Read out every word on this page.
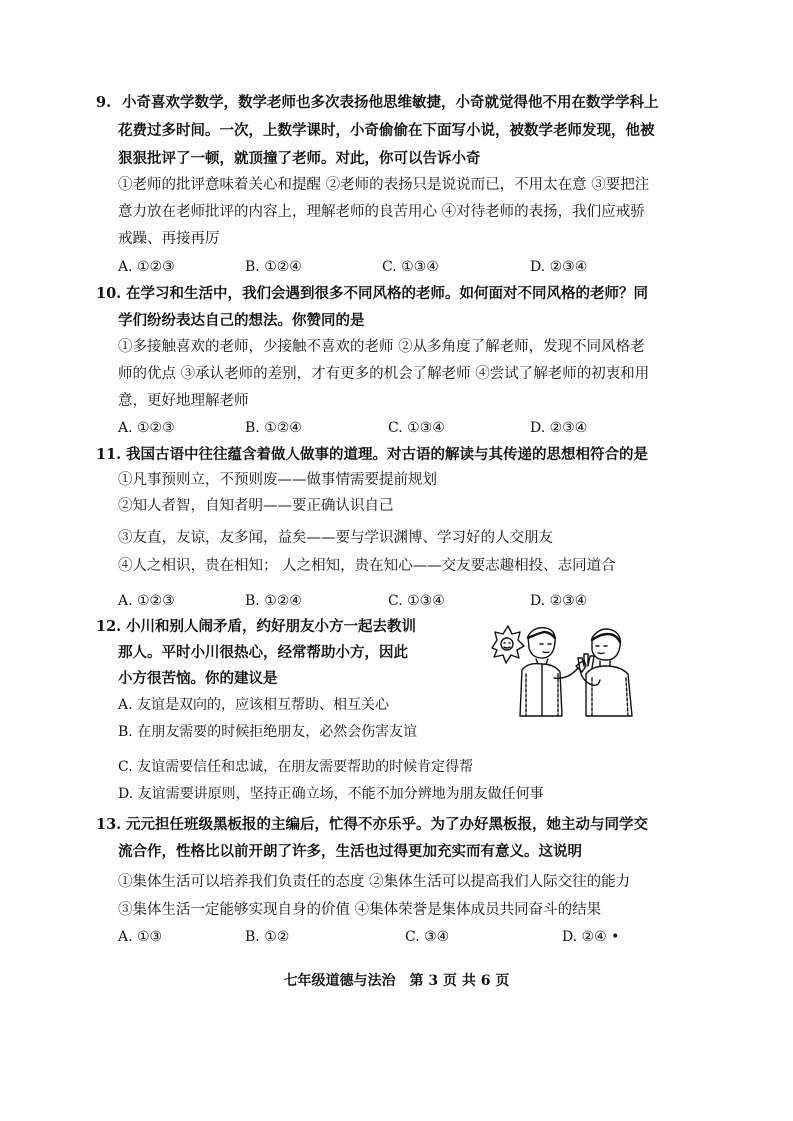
9. 小奇喜欢学数学，数学老师也多次表扬他思维敏捷，小奇就觉得他不用在数学学科上
花费过多时间。一次，上数学课时，小奇偷偷在下面写小说，被数学老师发现，他被
狠狠批评了一顿，就顶撞了老师。对此，你可以告诉小奇
①老师的批评意味着关心和提醒 ②老师的表扬只是说说而已，不用太在意 ③要把注
意力放在老师批评的内容上，理解老师的良苦用心 ④对待老师的表扬，我们应戒骄
戒躁、再接再厉
A. ①②③	B. ①②④	C. ①③④	D. ②③④
10. 在学习和生活中，我们会遇到很多不同风格的老师。如何面对不同风格的老师？同
学们纷纷表达自己的想法。你赞同的是
①多接触喜欢的老师，少接触不喜欢的老师 ②从多角度了解老师，发现不同风格老
师的优点 ③承认老师的差别，才有更多的机会了解老师 ④尝试了解老师的初衷和用
意，更好地理解老师
A. ①②③	B. ①②④	C. ①③④	D. ②③④
11. 我国古语中往往蕴含着做人做事的道理。对古语的解读与其传递的思想相符合的是
①凡事预则立，不预则废——做事情需要提前规划
②知人者智，自知者明——要正确认识自己
③友直，友谅，友多闻，益矣——要与学识渊博、学习好的人交朋友
④人之相识，贵在相知； 人之相知，贵在知心——交友要志趣相投、志同道合
A. ①②③	B. ①②④	C. ①③④	D. ②③④
12. 小川和别人闹矛盾，约好朋友小方一起去教训
那人。平时小川很热心，经常帮助小方，因此
小方很苦恼。你的建议是
A. 友谊是双向的，应该相互帮助、相互关心
B. 在朋友需要的时候拒绝朋友，必然会伤害友谊
C. 友谊需要信任和忠诚，在朋友需要帮助的时候肯定得帮
D. 友谊需要讲原则，坚持正确立场，不能不加分辨地为朋友做任何事
13. 元元担任班级黑板报的主编后，忙得不亦乐乎。为了办好黑板报，她主动与同学交
流合作，性格比以前开朗了许多，生活也过得更加充实而有意义。这说明
①集体生活可以培养我们负责任的态度 ②集体生活可以提高我们人际交往的能力
③集体生活一定能够实现自身的价值 ④集体荣誉是集体成员共同奋斗的结果
A. ①③	B. ①②	C. ③④	D. ②④ •
七年级道德与法治　第 3 页 共 6 页
